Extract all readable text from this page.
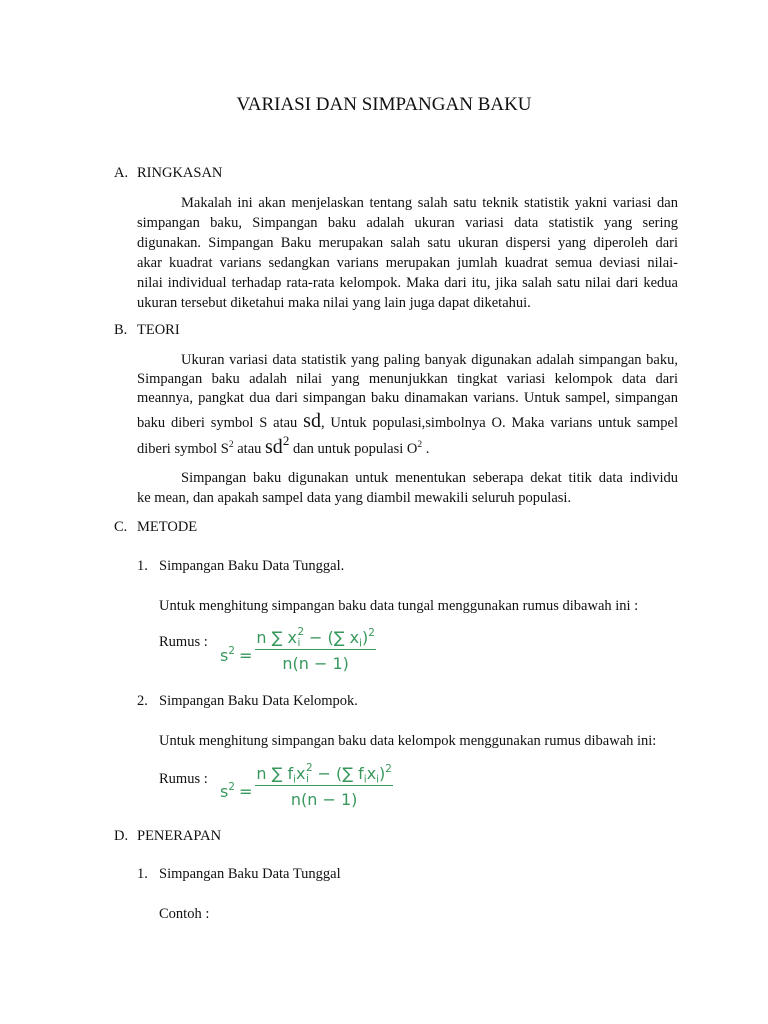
VARIASI DAN SIMPANGAN BAKU
A. RINGKASAN
Makalah ini akan menjelaskan tentang salah satu teknik statistik yakni variasi dan
simpangan baku, Simpangan baku adalah ukuran variasi data statistik yang sering
digunakan. Simpangan Baku merupakan salah satu ukuran dispersi yang diperoleh dari
akar kuadrat varians sedangkan varians merupakan jumlah kuadrat semua deviasi nilai-
nilai individual terhadap rata-rata kelompok. Maka dari itu, jika salah satu nilai dari kedua
ukuran tersebut diketahui maka nilai yang lain juga dapat diketahui.
B. TEORI
Ukuran variasi data statistik yang paling banyak digunakan adalah simpangan baku,
Simpangan baku adalah nilai yang menunjukkan tingkat variasi kelompok data dari
meannya, pangkat dua dari simpangan baku dinamakan varians. Untuk sampel, simpangan
baku diberi symbol S atau sd, Untuk populasi,simbolnya O. Maka varians untuk sampel
diberi symbol $S^2$ atau sd2 dan untuk populasi $O^2$ .
Simpangan baku digunakan untuk menentukan seberapa dekat titik data individu
ke mean, dan apakah sampel data yang diambil mewakili seluruh populasi.
C. METODE
1. Simpangan Baku Data Tunggal.
Untuk menghitung simpangan baku data tungal menggunakan rumus dibawah ini :
Rumus :
$s^2 = n$ ∑ x 2
i − (∑ $x_i)^2$
n(n − 1)
2. Simpangan Baku Data Kelompok.
Untuk menghitung simpangan baku data kelompok menggunakan rumus dibawah ini:
Rumus :
$s^2 = n$ ∑ $f_ix$ 2
i − (∑ $f_ix_i)^2$
n(n − 1)
D. PENERAPAN
1. Simpangan Baku Data Tunggal
Contoh :
